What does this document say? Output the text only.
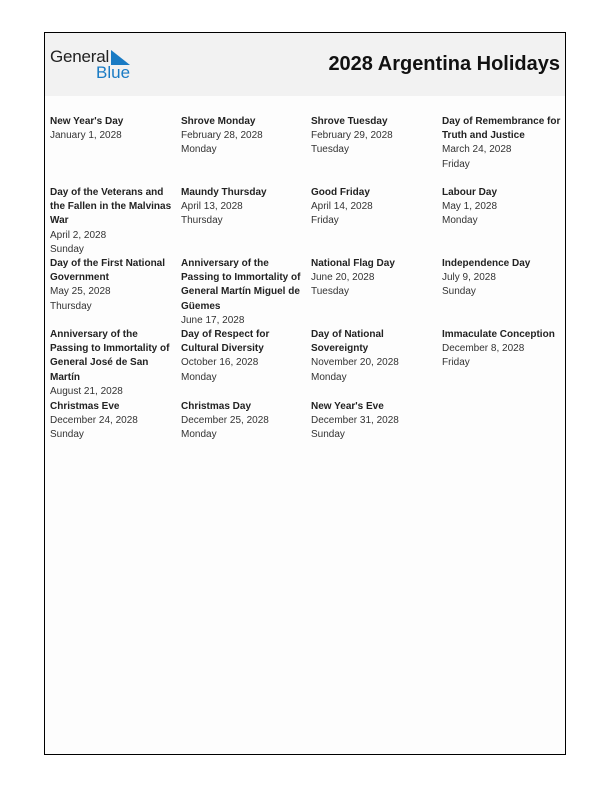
General
Blue	2028 Argentina Holidays
New Year's Day
January 1, 2028
Shrove Monday
February 28, 2028
Monday
Shrove Tuesday
February 29, 2028
Tuesday
Day of Remembrance for Truth and Justice
March 24, 2028
Friday
Day of the Veterans and the Fallen in the Malvinas War
April 2, 2028
Sunday
Maundy Thursday
April 13, 2028
Thursday
Good Friday
April 14, 2028
Friday
Labour Day
May 1, 2028
Monday
Day of the First National Government
May 25, 2028
Thursday
Anniversary of the Passing to Immortality of General Martín Miguel de Güemes
June 17, 2028
National Flag Day
June 20, 2028
Tuesday
Independence Day
July 9, 2028
Sunday
Anniversary of the Passing to Immortality of General José de San Martín
August 21, 2028
Day of Respect for Cultural Diversity
October 16, 2028
Monday
Day of National Sovereignty
November 20, 2028
Monday
Immaculate Conception
December 8, 2028
Friday
Christmas Eve
December 24, 2028
Sunday
Christmas Day
December 25, 2028
Monday
New Year's Eve
December 31, 2028
Sunday
